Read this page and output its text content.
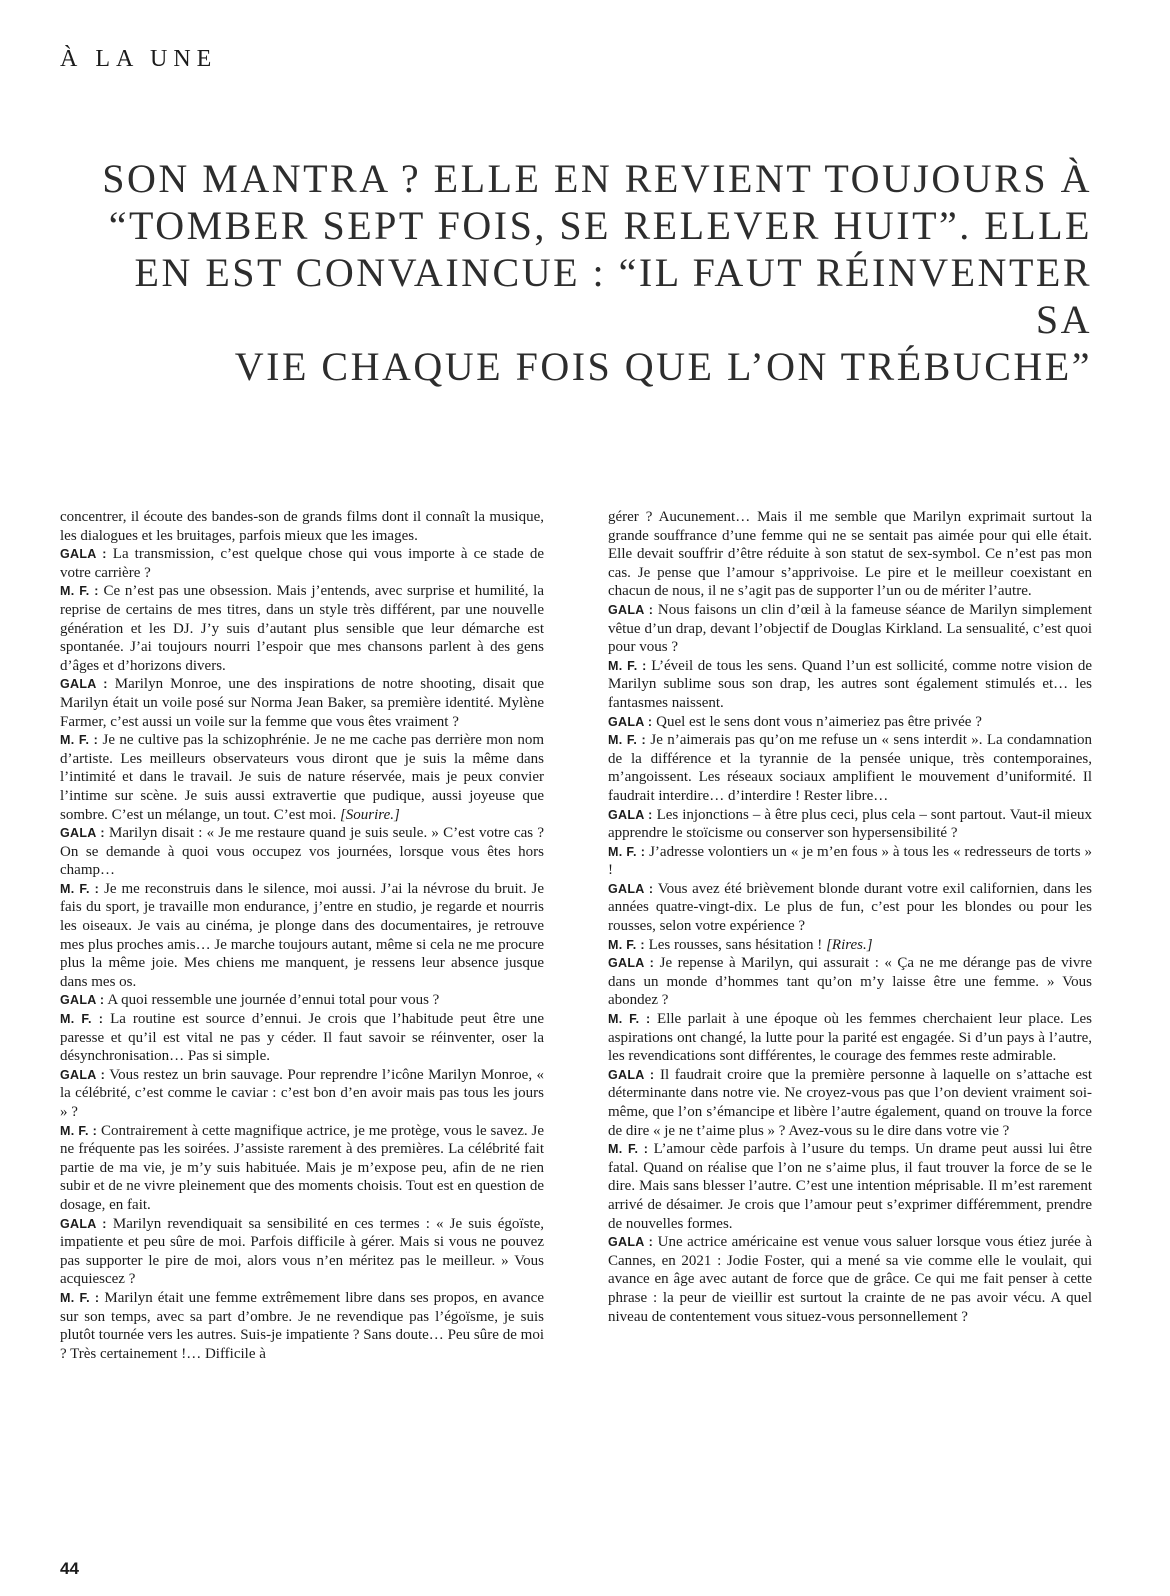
À LA UNE
SON MANTRA ? ELLE EN REVIENT TOUJOURS À
“TOMBER SEPT FOIS, SE RELEVER HUIT”. ELLE
EN EST CONVAINCUE : “IL FAUT RÉINVENTER SA
VIE CHAQUE FOIS QUE L’ON TRÉBUCHE”

concentrer, il écoute des bandes-son de grands films dont il connaît la musique, les dialogues et les bruitages, parfois mieux que les images.

GALA : La transmission, c’est quelque chose qui vous importe à ce stade de votre carrière ?

M. F. : Ce n’est pas une obsession. Mais j’entends, avec surprise et humilité, la reprise de certains de mes titres, dans un style très différent, par une nouvelle génération et les DJ. J’y suis d’autant plus sensible que leur démarche est spontanée. J’ai toujours nourri l’espoir que mes chansons parlent à des gens d’âges et d’horizons divers.

GALA : Marilyn Monroe, une des inspirations de notre shooting, disait que Marilyn était un voile posé sur Norma Jean Baker, sa première identité. Mylène Farmer, c’est aussi un voile sur la femme que vous êtes vraiment ?

M. F. : Je ne cultive pas la schizophrénie. Je ne me cache pas derrière mon nom d’artiste. Les meilleurs observateurs vous diront que je suis la même dans l’intimité et dans le travail. Je suis de nature réservée, mais je peux convier l’intime sur scène. Je suis aussi extravertie que pudique, aussi joyeuse que sombre. C’est un mélange, un tout. C’est moi. [Sourire.]

GALA : Marilyn disait : « Je me restaure quand je suis seule. » C’est votre cas ? On se demande à quoi vous occupez vos journées, lorsque vous êtes hors champ…

M. F. : Je me reconstruis dans le silence, moi aussi. J’ai la névrose du bruit. Je fais du sport, je travaille mon endurance, j’entre en studio, je regarde et nourris les oiseaux. Je vais au cinéma, je plonge dans des documentaires, je retrouve mes plus proches amis… Je marche toujours autant, même si cela ne me procure plus la même joie. Mes chiens me manquent, je ressens leur absence jusque dans mes os.

GALA : A quoi ressemble une journée d’ennui total pour vous ?

M. F. : La routine est source d’ennui. Je crois que l’habitude peut être une paresse et qu’il est vital ne pas y céder. Il faut savoir se réinventer, oser la désynchronisation… Pas si simple.

GALA : Vous restez un brin sauvage. Pour reprendre l’icône Marilyn Monroe, « la célébrité, c’est comme le caviar : c’est bon d’en avoir mais pas tous les jours » ?

M. F. : Contrairement à cette magnifique actrice, je me protège, vous le savez. Je ne fréquente pas les soirées. J’assiste rarement à des premières. La célébrité fait partie de ma vie, je m’y suis habituée. Mais je m’expose peu, afin de ne rien subir et de ne vivre pleinement que des moments choisis. Tout est en question de dosage, en fait.

GALA : Marilyn revendiquait sa sensibilité en ces termes : « Je suis égoïste, impatiente et peu sûre de moi. Parfois difficile à gérer. Mais si vous ne pouvez pas supporter le pire de moi, alors vous n’en méritez pas le meilleur. » Vous acquiescez ?

M. F. : Marilyn était une femme extrêmement libre dans ses propos, en avance sur son temps, avec sa part d’ombre. Je ne revendique pas l’égoïsme, je suis plutôt tournée vers les autres. Suis-je impatiente ? Sans doute… Peu sûre de moi ? Très certainement !… Difficile à

gérer ? Aucunement… Mais il me semble que Marilyn exprimait surtout la grande souffrance d’une femme qui ne se sentait pas aimée pour qui elle était. Elle devait souffrir d’être réduite à son statut de sex-symbol. Ce n’est pas mon cas. Je pense que l’amour s’apprivoise. Le pire et le meilleur coexistant en chacun de nous, il ne s’agit pas de supporter l’un ou de mériter l’autre.

GALA : Nous faisons un clin d’œil à la fameuse séance de Marilyn simplement vêtue d’un drap, devant l’objectif de Douglas Kirkland. La sensualité, c’est quoi pour vous ?

M. F. : L’éveil de tous les sens. Quand l’un est sollicité, comme notre vision de Marilyn sublime sous son drap, les autres sont également stimulés et… les fantasmes naissent.

GALA : Quel est le sens dont vous n’aimeriez pas être privée ?

M. F. : Je n’aimerais pas qu’on me refuse un « sens interdit ». La condamnation de la différence et la tyrannie de la pensée unique, très contemporaines, m’angoissent. Les réseaux sociaux amplifient le mouvement d’uniformité. Il faudrait interdire… d’interdire ! Rester libre…

GALA : Les injonctions – à être plus ceci, plus cela – sont partout. Vaut-il mieux apprendre le stoïcisme ou conserver son hypersensibilité ?

M. F. : J’adresse volontiers un « je m’en fous » à tous les « redresseurs de torts » !

GALA : Vous avez été brièvement blonde durant votre exil californien, dans les années quatre-vingt-dix. Le plus de fun, c’est pour les blondes ou pour les rousses, selon votre expérience ?

M. F. : Les rousses, sans hésitation ! [Rires.]

GALA : Je repense à Marilyn, qui assurait : « Ça ne me dérange pas de vivre dans un monde d’hommes tant qu’on m’y laisse être une femme. » Vous abondez ?

M. F. : Elle parlait à une époque où les femmes cherchaient leur place. Les aspirations ont changé, la lutte pour la parité est engagée. Si d’un pays à l’autre, les revendications sont différentes, le courage des femmes reste admirable.

GALA : Il faudrait croire que la première personne à laquelle on s’attache est déterminante dans notre vie. Ne croyez-vous pas que l’on devient vraiment soi-même, que l’on s’émancipe et libère l’autre également, quand on trouve la force de dire « je ne t’aime plus » ? Avez-vous su le dire dans votre vie ?

M. F. : L’amour cède parfois à l’usure du temps. Un drame peut aussi lui être fatal. Quand on réalise que l’on ne s’aime plus, il faut trouver la force de se le dire. Mais sans blesser l’autre. C’est une intention méprisable. Il m’est rarement arrivé de désaimer. Je crois que l’amour peut s’exprimer différemment, prendre de nouvelles formes.

GALA : Une actrice américaine est venue vous saluer lorsque vous étiez jurée à Cannes, en 2021 : Jodie Foster, qui a mené sa vie comme elle le voulait, qui avance en âge avec autant de force que de grâce. Ce qui me fait penser à cette phrase : la peur de vieillir est surtout la crainte de ne pas avoir vécu. A quel niveau de contentement vous situez-vous personnellement ?

44
